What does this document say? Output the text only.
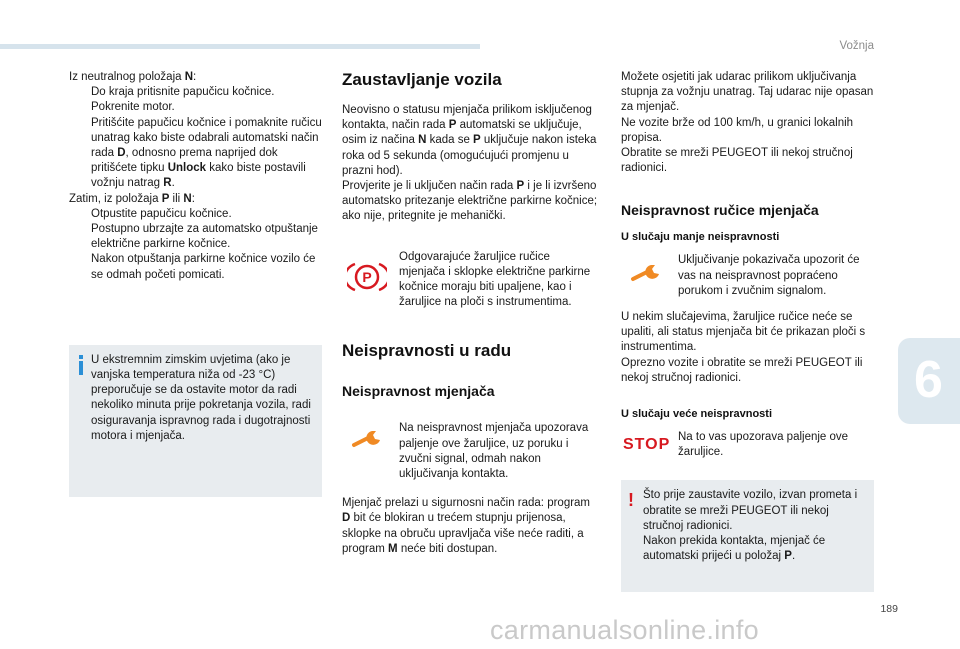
Vožnja
6

Iz neutralnog položaja N:

Do kraja pritisnite papučicu kočnice.

Pokrenite motor.

Pritišćite papučicu kočnice i pomaknite ručicu unatrag kako biste odabrali automatski način rada D, odnosno prema naprijed dok pritišćete tipku Unlock kako biste postavili vožnju natrag R.

Zatim, iz položaja P ili N:

Otpustite papučicu kočnice.

Postupno ubrzajte za automatsko otpuštanje električne parkirne kočnice.

Nakon otpuštanja parkirne kočnice vozilo će se odmah početi pomicati.

U ekstremnim zimskim uvjetima (ako je vanjska temperatura niža od -23 °C) preporučuje se da ostavite motor da radi nekoliko minuta prije pokretanja vozila, radi osiguravanja ispravnog rada i dugotrajnosti motora i mjenjača.

Zaustavljanje vozila

Neovisno o statusu mjenjača prilikom isključenog kontakta, način rada P automatski se uključuje, osim iz načina N kada se P uključuje nakon isteka roka od 5 sekunda (omogućujući promjenu u prazni hod).

Provjerite je li uključen način rada P i je li izvršeno automatsko pritezanje električne parkirne kočnice; ako nije, pritegnite je mehanički.

P

Odgovarajuće žaruljice ručice mjenjača i sklopke električne parkirne kočnice moraju biti upaljene, kao i žaruljice na ploči s instrumentima.

Neispravnosti u radu
Neispravnost mjenjača

Na neispravnost mjenjača upozorava paljenje ove žaruljice, uz poruku i zvučni signal, odmah nakon uključivanja kontakta.

Mjenjač prelazi u sigurnosni način rada: program D bit će blokiran u trećem stupnju prijenosa, sklopke na obruču upravljača više neće raditi, a program M neće biti dostupan.

Možete osjetiti jak udarac prilikom uključivanja stupnja za vožnju unatrag. Taj udarac nije opasan za mjenjač.

Ne vozite brže od 100 km/h, u granici lokalnih propisa.

Obratite se mreži PEUGEOT ili nekoj stručnoj radionici.

Neispravnost ručice mjenjača
U slučaju manje neispravnosti

Uključivanje pokazivača upozorit će vas na neispravnost popraćeno porukom i zvučnim signalom.

U nekim slučajevima, žaruljice ručice neće se upaliti, ali status mjenjača bit će prikazan ploči s instrumentima.

Oprezno vozite i obratite se mreži PEUGEOT ili nekoj stručnoj radionici.

U slučaju veće neispravnosti
STOP Na to vas upozorava paljenje ove žaruljice.

! Što prije zaustavite vozilo, izvan prometa i obratite se mreži PEUGEOT ili nekoj stručnoj radionici.

Nakon prekida kontakta, mjenjač će automatski prijeći u položaj P.

189
carmanualsonline.info
